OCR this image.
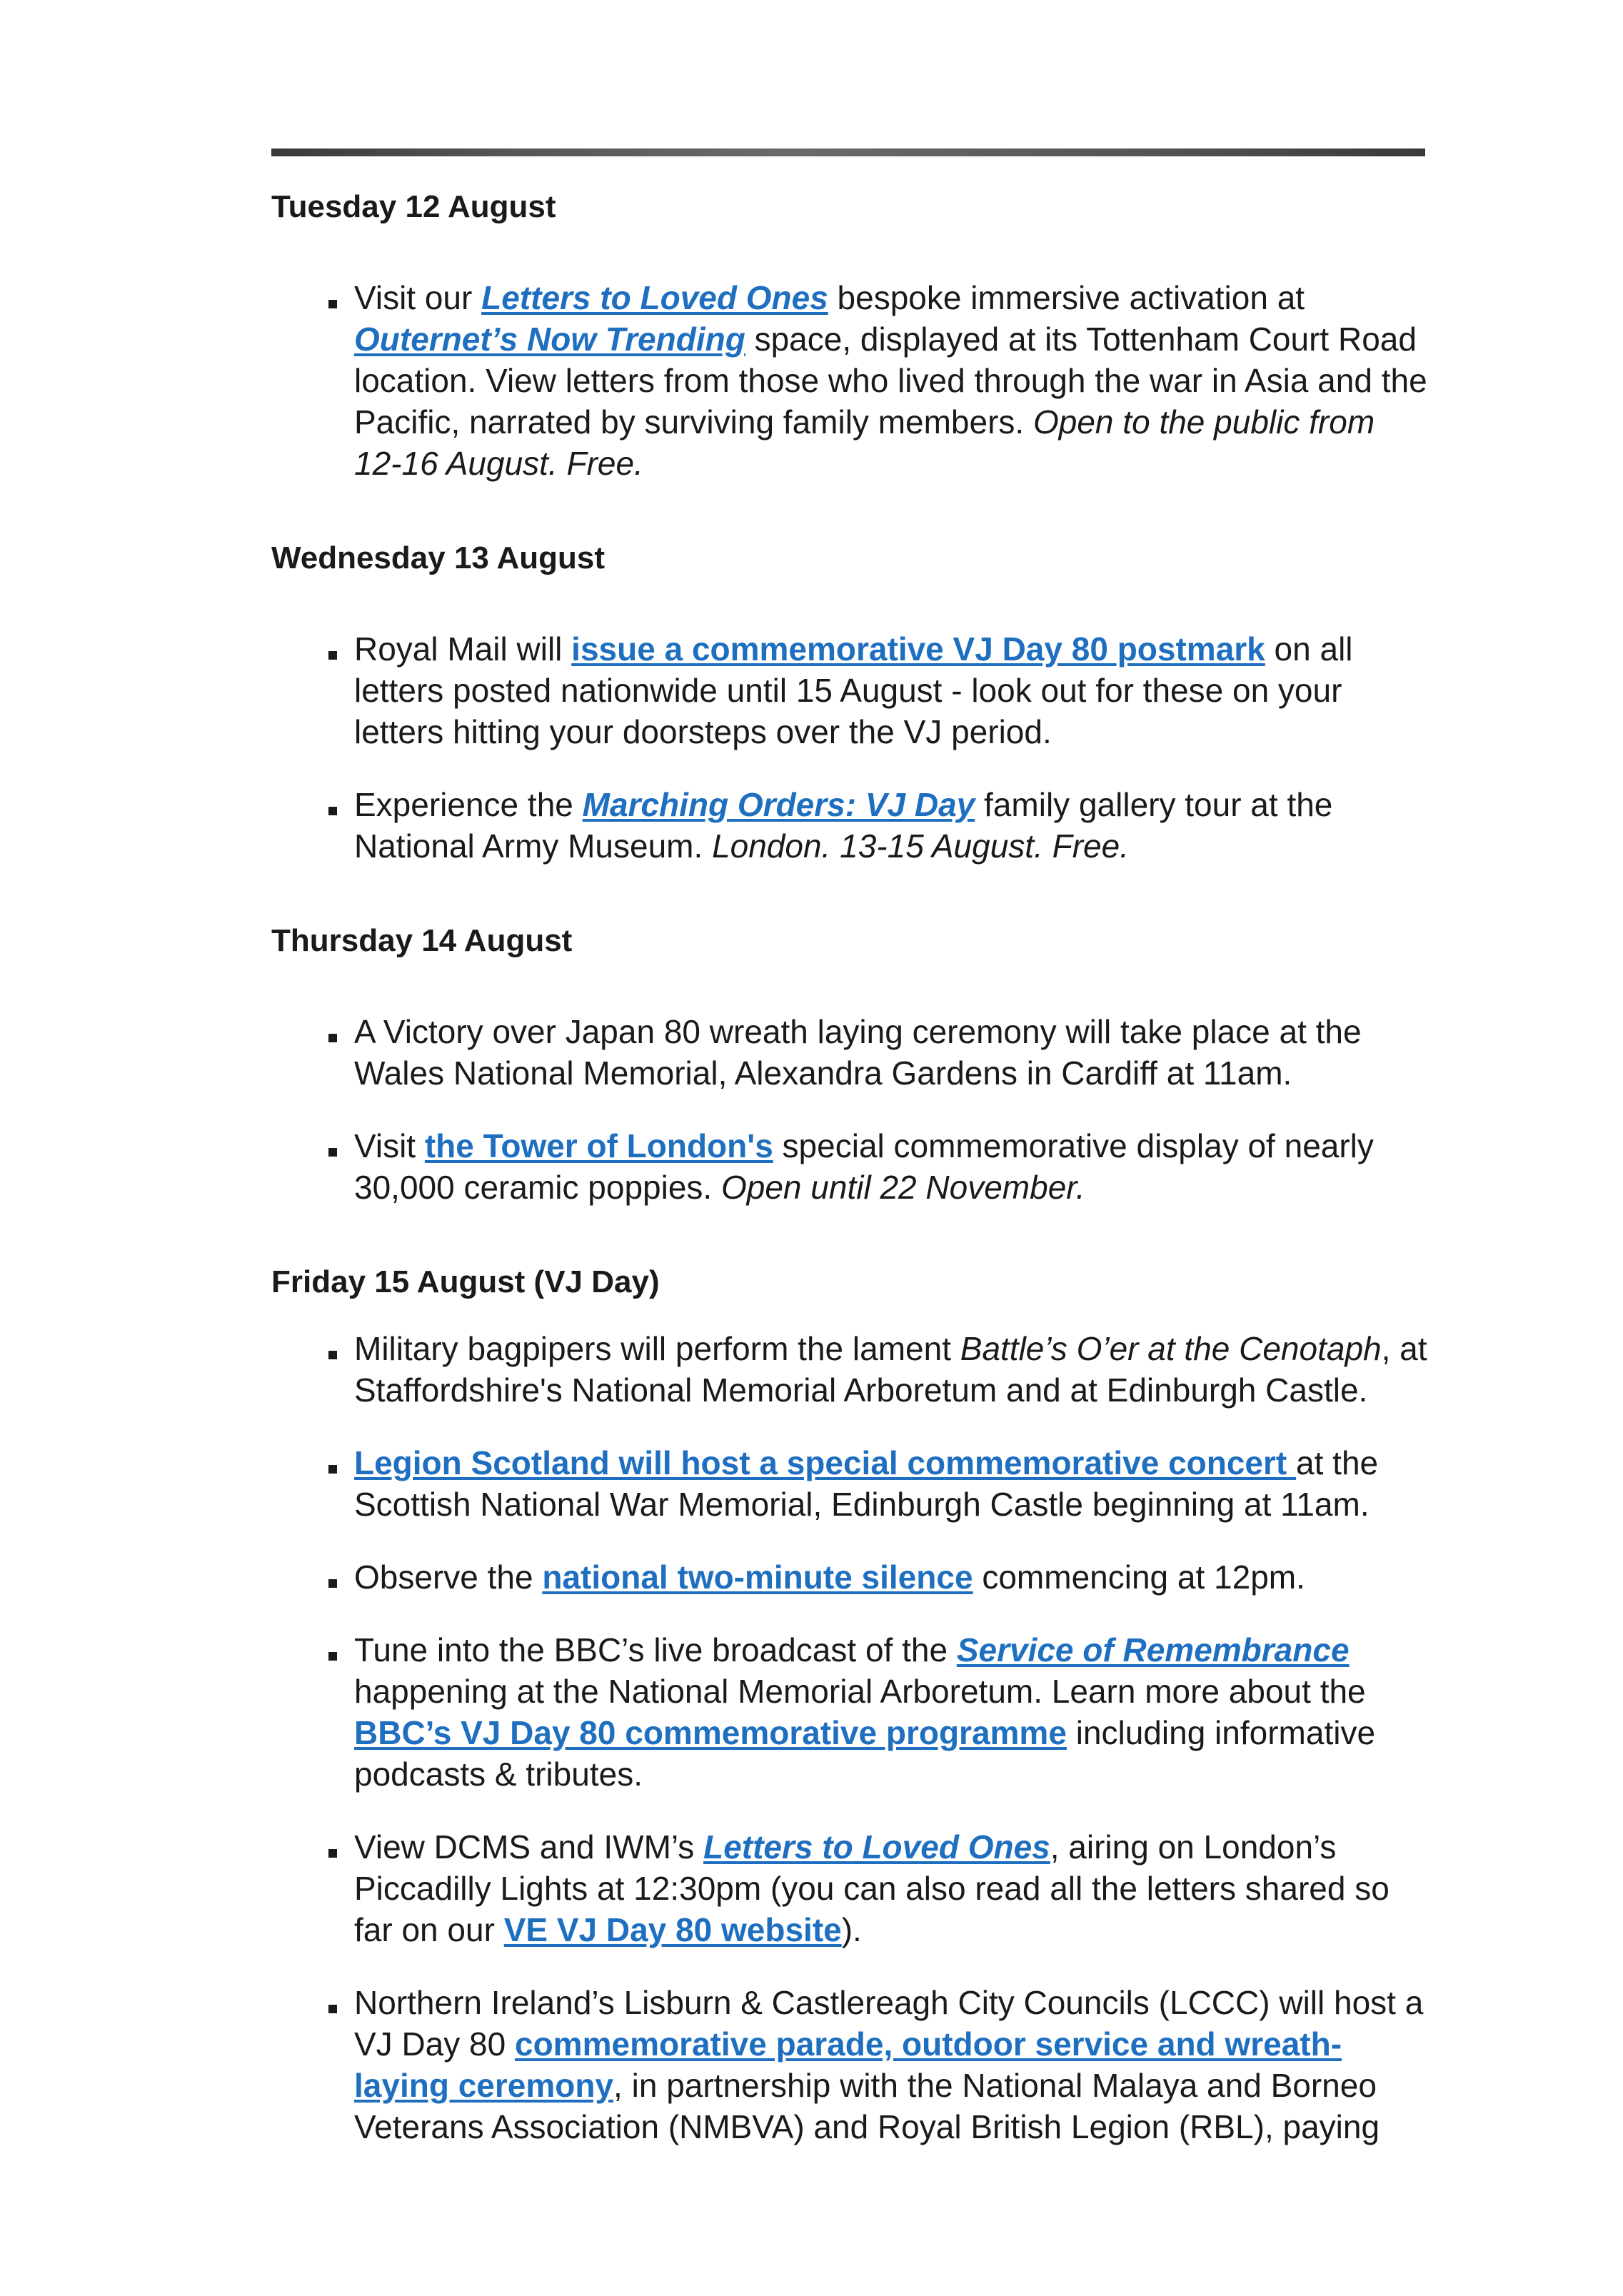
Tuesday 12 August
Visit our Letters to Loved Ones bespoke immersive activation at Outernet’s Now Trending space, displayed at its Tottenham Court Road location. View letters from those who lived through the war in Asia and the Pacific, narrated by surviving family members. Open to the public from 12-16 August. Free.
Wednesday 13 August
Royal Mail will issue a commemorative VJ Day 80 postmark on all letters posted nationwide until 15 August - look out for these on your letters hitting your doorsteps over the VJ period.
Experience the Marching Orders: VJ Day family gallery tour at the National Army Museum. London. 13-15 August. Free.
Thursday 14 August
A Victory over Japan 80 wreath laying ceremony will take place at the Wales National Memorial, Alexandra Gardens in Cardiff at 11am.
Visit the Tower of London's special commemorative display of nearly 30,000 ceramic poppies. Open until 22 November.
Friday 15 August (VJ Day)
Military bagpipers will perform the lament Battle’s O’er at the Cenotaph, at Staffordshire's National Memorial Arboretum and at Edinburgh Castle.
Legion Scotland will host a special commemorative concert at the Scottish National War Memorial, Edinburgh Castle beginning at 11am.
Observe the national two-minute silence commencing at 12pm.
Tune into the BBC’s live broadcast of the Service of Remembrance happening at the National Memorial Arboretum. Learn more about the BBC’s VJ Day 80 commemorative programme including informative podcasts & tributes.
View DCMS and IWM’s Letters to Loved Ones, airing on London’s Piccadilly Lights at 12:30pm (you can also read all the letters shared so far on our VE VJ Day 80 website).
Northern Ireland’s Lisburn & Castlereagh City Councils (LCCC) will host a VJ Day 80 commemorative parade, outdoor service and wreath-laying ceremony, in partnership with the National Malaya and Borneo Veterans Association (NMBVA) and Royal British Legion (RBL), paying
